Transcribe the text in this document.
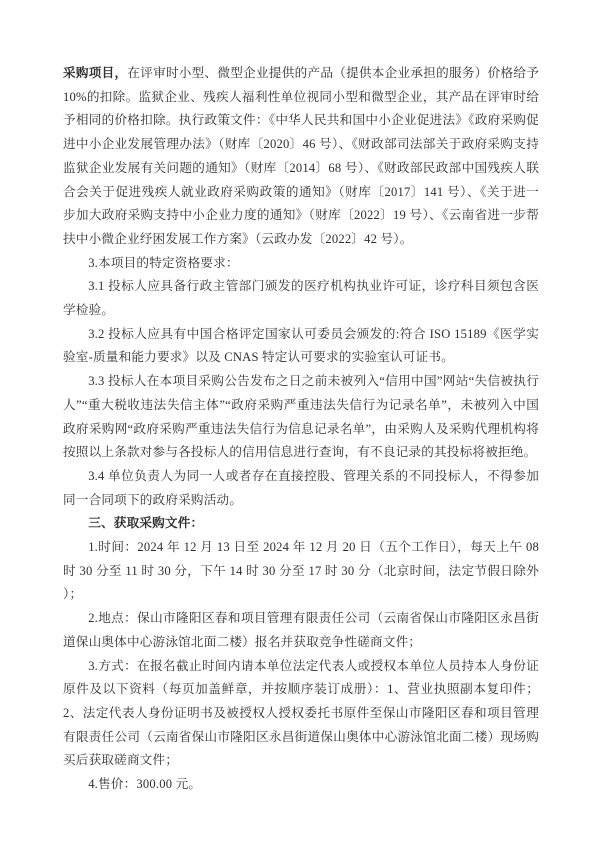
采购项目，在评审时小型、微型企业提供的产品（提供本企业承担的服务）价格给予10%的扣除。监狱企业、残疾人福利性单位视同小型和微型企业，其产品在评审时给予相同的价格扣除。执行政策文件：《中华人民共和国中小企业促进法》《政府采购促进中小企业发展管理办法》（财库〔2020〕46 号）、《财政部司法部关于政府采购支持监狱企业发展有关问题的通知》（财库〔2014〕68 号）、《财政部民政部中国残疾人联合会关于促进残疾人就业政府采购政策的通知》（财库〔2017〕141 号）、《关于进一步加大政府采购支持中小企业力度的通知》（财库〔2022〕19 号）、《云南省进一步帮扶中小微企业纾困发展工作方案》（云政办发〔2022〕42 号）。

3.本项目的特定资格要求：

3.1 投标人应具备行政主管部门颁发的医疗机构执业许可证，诊疗科目须包含医学检验。

3.2 投标人应具有中国合格评定国家认可委员会颁发的:符合 ISO 15189《医学实验室-质量和能力要求》以及 CNAS 特定认可要求的实验室认可证书。

3.3 投标人在本项目采购公告发布之日之前未被列入“信用中国”网站“失信被执行人”“重大税收违法失信主体”“政府采购严重违法失信行为记录名单”，未被列入中国政府采购网“政府采购严重违法失信行为信息记录名单”，由采购人及采购代理机构将按照以上条款对参与各投标人的信用信息进行查询，有不良记录的其投标将被拒绝。

3.4 单位负责人为同一人或者存在直接控股、管理关系的不同投标人，不得参加同一合同项下的政府采购活动。

三、获取采购文件：

1.时间：2024 年 12 月 13 日至 2024 年 12 月 20 日（五个工作日），每天上午 08 时 30 分至 11 时 30 分，下午 14 时 30 分至 17 时 30 分（北京时间，法定节假日除外 ）；

2.地点：保山市隆阳区春和项目管理有限责任公司（云南省保山市隆阳区永昌街道保山奥体中心游泳馆北面二楼）报名并获取竞争性磋商文件；

3.方式：在报名截止时间内请本单位法定代表人或授权本单位人员持本人身份证原件及以下资料（每页加盖鲜章，并按顺序装订成册）：1、营业执照副本复印件；2、法定代表人身份证明书及被授权人授权委托书原件至保山市隆阳区春和项目管理有限责任公司（云南省保山市隆阳区永昌街道保山奥体中心游泳馆北面二楼）现场购买后获取磋商文件；

4.售价：300.00 元。
